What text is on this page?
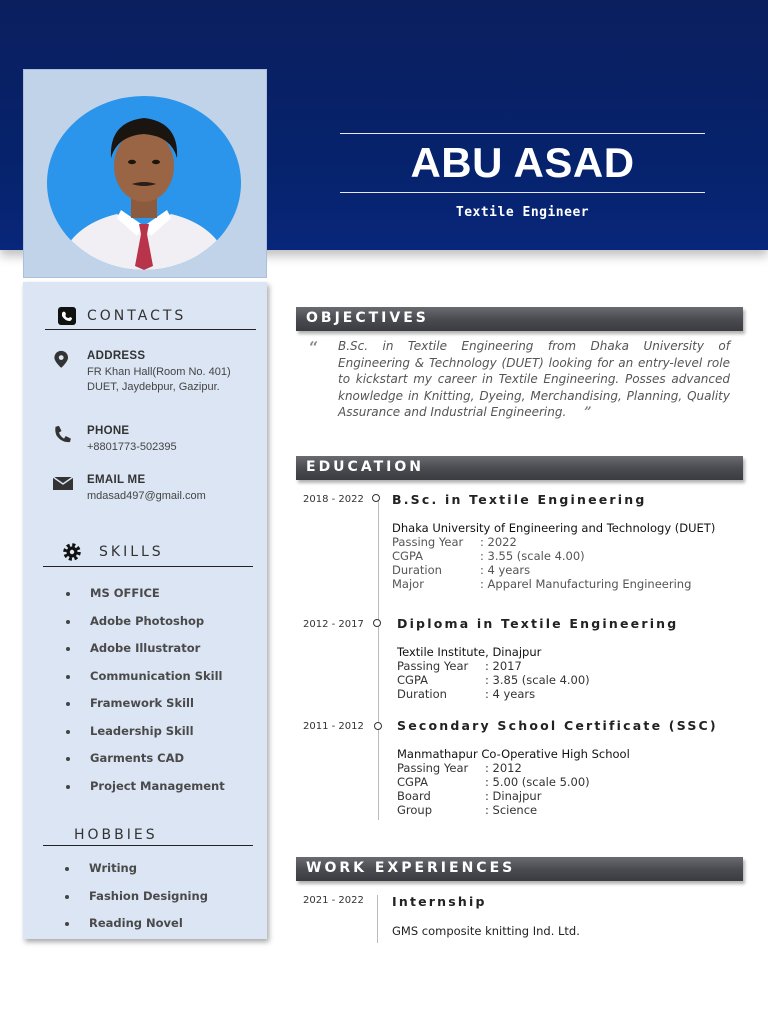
ABU ASAD
Textile Engineer
CONTACTS
ADDRESS
FR Khan Hall(Room No. 401)
DUET, Jaydebpur, Gazipur.
PHONE
+8801773-502395
EMAIL ME
mdasad497@gmail.com
SKILLS
MS OFFICE
Adobe Photoshop
Adobe Illustrator
Communication Skill
Framework Skill
Leadership Skill
Garments CAD
Project Management
HOBBIES
Writing
Fashion Designing
Reading Novel
OBJECTIVES
“ B.Sc. in Textile Engineering from Dhaka University of Engineering & Technology (DUET) looking for an entry-level role to kickstart my career in Textile Engineering. Posses advanced knowledge in Knitting, Dyeing, Merchandising, Planning, Quality Assurance and Industrial Engineering. ”
EDUCATION
2018 - 2022 B.Sc. in Textile Engineering
Dhaka University of Engineering and Technology (DUET)
Passing Year	: 2022
CGPA	: 3.55 (scale 4.00)
Duration	: 4 years
Major	: Apparel Manufacturing Engineering
2012 - 2017	Diploma in Textile Engineering
Textile Institute, Dinajpur
Passing Year	: 2017
CGPA	: 3.85 (scale 4.00)
Duration	: 4 years
2011 - 2012	Secondary School Certificate (SSC)
Manmathapur Co-Operative High School
Passing Year	: 2012
CGPA	: 5.00 (scale 5.00)
Board	: Dinajpur
Group	: Science
WORK EXPERIENCES
2021 - 2022 Internship
GMS composite knitting Ind. Ltd.
